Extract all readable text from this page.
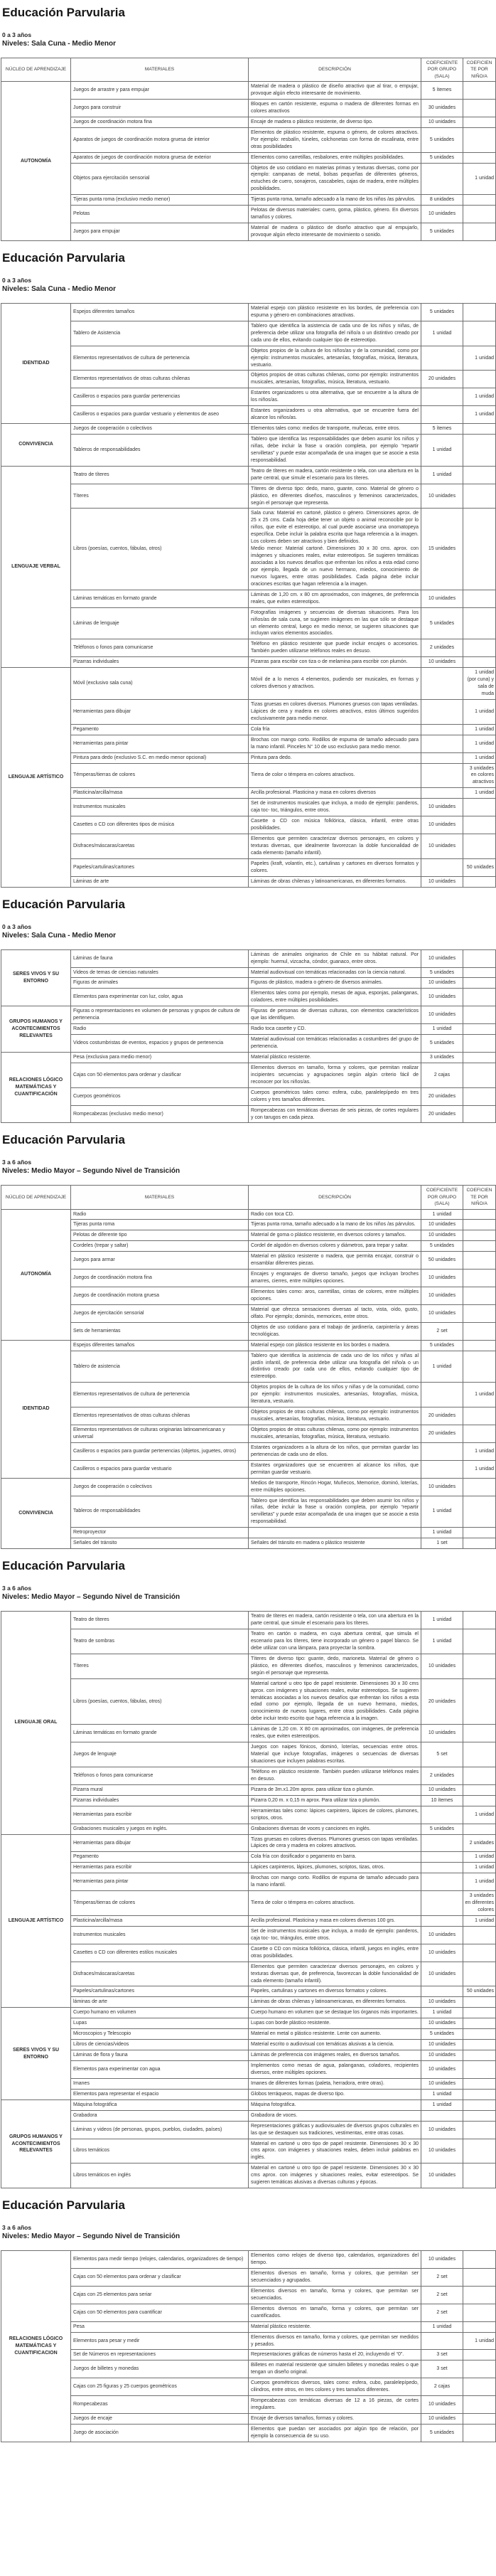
Educación Parvularia
0 a 3 años
Niveles: Sala Cuna - Medio Menor
NÚCLEO DE APRENDIZAJE	MATERIALES	DESCRIPCIÓN	COEFICIENTE POR GRUPO (SALA)	COEFICIENTE POR NIÑO/A
AUTONOMÍA	Juegos de arrastre y para empujar	Material de madera o plástico de diseño atractivo que al tirar, o empujar, provoque algún efecto interesante de movimiento.	5 ítemes	
	Juegos para construir	Bloques en cartón resistente, espuma o madera de diferentes formas en colores atractivos	30 unidades	
	Juegos de coordinación motora fina	Encaje de madera o plástico resistente, de diverso tipo.	10 unidades	
	Aparatos de juegos de coordinación motora gruesa de interior	Elementos de plástico resistente, espuma o género, de colores atractivos. Por ejemplo: resbalín, túneles, colchonetas con forma de escalinata, entre otras posibilidades	5 unidades	
	Aparatos de juegos de coordinación motora gruesa de exterior	Elementos como carretillas, resbalones, entre múltiples posibilidades.	5 unidades	
	Objetos para ejercitación sensorial	Objetos de uso cotidiano en materias primas y texturas diversas, como por ejemplo: campanas de metal, bolsas pequeñas de diferentes géneros, estuches de cuero, sonajeros, cascabeles, cajas de madera, entre múltiples posibilidades.		1 unidad
	Tijeras punta roma (exclusivo medio menor)	Tijeras punta roma, tamaño adecuado a la mano de los niños /as párvulos.	8 unidades	
	Pelotas	Pelotas de diversos materiales: cuero, goma, plástico, género. En diversos tamaños y colores.	10 unidades	
	Juegos para empujar	Material de madera o plástico de diseño atractivo que al empujarlo, provoque algún efecto interesante de movimiento o sonido.	5 unidades	
Educación Parvularia
0 a 3 años
Niveles: Sala Cuna - Medio Menor
IDENTIDAD	Espejos diferentes tamaños	Material espejo con plástico resistente en los bordes, de preferencia con espuma y género en combinaciones atractivas.	5 unidades	
	Tablero de Asistencia	Tablero que identifica la asistencia de cada uno de los niños y niñas, de preferencia debe utilizar una fotografía del niño/a o un distintivo creado por cada uno de ellos, evitando cualquier tipo de estereotipo.	1 unidad	
	Elementos representativos de cultura de pertenencia	Objetos propios de la cultura de los niños/as y de la comunidad, como por ejemplo: instrumentos musicales, artesanías, fotografías, música, literatura, vestuario.		1 unidad
	Elementos representativos de otras culturas chilenas	Objetos propios de otras culturas chilenas, como por ejemplo: instrumentos musicales, artesanías, fotografías, música, literatura, vestuario.	20 unidades	
	Casilleros o espacios para guardar pertenencias	Estantes organizadores u otra alternativa, que se encuentre a la altura de los niños/as.		1 unidad
	Casilleros o espacios para guardar vestuario y elementos de aseo	Estantes organizadores u otra alternativa, que se encuentre fuera del alcance los niños/as.		1 unidad
CONVIVENCIA	Juegos de cooperación o colectivos	Elementos tales como: medios de transporte, muñecas, entre otros.	5 ítemes	
	Tableros de responsabilidades	Tablero que identifica las responsabilidades que deben asumir los niños y niñas, debe incluir la frase u oración completa, por ejemplo “repartir servilletas” y puede estar acompañada de una imagen que se asocie a esta responsabilidad.	1 unidad	
LENGUAJE VERBAL	Teatro de títeres	Teatro de títeres en madera, cartón resistente o tela, con una abertura en la parte central, que simule el escenario para los títeres.	1 unidad	
	Títeres	Títeres de diverso tipo: dedo, mano, guante, cono. Material de género o plástico, en diferentes diseños, masculinos y femeninos caracterizados, según el personaje que representa.	10 unidades	
	Libros (poesías, cuentos, fábulas, otros)	Sala cuna: Material en cartoné, plástico o género. Dimensiones aprox. de 25 x 25 cms. Cada hoja debe tener un objeto o animal reconocible por lo niños, que evite el estereotipo, al cual puede asociarse una onomatopeya específica. Debe incluir la palabra escrita que haga referencia a la imagen. Los colores deben ser atractivos y bien definidos.
Medio menor: Material cartoné. Dimensiones 30 x 30 cms. aprox. con imágenes y situaciones reales, evitar estereotipos. Se sugieren temáticas asociadas a los nuevos desafíos que enfrentan los niños a esta edad como por ejemplo, llegada de un nuevo hermano, miedos, conocimiento de nuevos lugares, entre otras posibilidades. Cada página debe incluir oraciones escritas que hagan referencia a la imagen.	15 unidades	
	Láminas temáticas en formato grande	Láminas de 1,20 cm. x 80 cm aproximados, con imágenes, de preferencia reales, que eviten estereotipos.	10 unidades	
	Láminas de lenguaje	Fotografías imágenes y secuencias de diversas situaciones. Para los niños/as de sala cuna, se sugieren imágenes en las que sólo se destaque un elemento central, luego en medio menor, se sugieren situaciones que incluyan varios elementos asociados.	5 unidades	
	Teléfonos o fonos para comunicarse	Teléfono en plástico resistente que puede incluir encajes o accesorios. También pueden utilizarse teléfonos reales en desuso.	2 unidades	
	Pizarras individuales	Pizarras para escribir con tiza o de melamina para escribir con plumón.	10 unidades	
LENGUAJE ARTÍSTICO	Móvil (exclusivo sala cuna)	Móvil de a lo menos 4 elementos, pudiendo ser musicales, en formas y colores diversos y atractivos.		1 unidad (por cuna) y sala de muda
	Herramientas para dibujar	Tizas gruesas en colores diversos. Plumones gruesos con tapas ventiladas. Lápices de cera y madera en colores atractivos, estos últimos sugeridos exclusivamente para medio menor.		1 unidad
	Pegamento	Cola fría		1 unidad
	Herramientas para pintar	Brochas con mango corto. Rodillos de espuma de tamaño adecuado para la mano infantil. Pinceles N° 10 de uso exclusivo para medio menor.		1 unidad
	Pintura para dedo (exclusivo S.C. en medio menor opcional)	Pintura para dedo.		1 unidad
	Témperas/tierras de colores	Tierra de color o témpera en colores atractivos.		3 unidades en colores atractivos
	Plasticina/arcilla/masa	Arcilla profesional. Plasticina y masa en colores diversos		1 unidad
	Instrumentos musicales	Set de instrumentos musicales que incluya, a modo de ejemplo: panderos, caja toc- toc, triángulos, entre otros.	10 unidades	
	Casettes o CD con diferentes tipos de música	Casette o CD con música folklórica, clásica, infantil, entre otras posibilidades.	10 unidades	
	Disfraces/máscaras/caretas	Elementos que permiten caracterizar diversos personajes, en colores y texturas diversas, que idealmente favorezcan la doble funcionalidad de cada elemento (tamaño infantil).	10 unidades	
	Papeles/cartulinas/cartones	Papeles (kraft, volantín, etc.), cartulinas y cartones en diversos formatos y colores.		50 unidades
	Láminas de arte	Láminas de obras chilenas y latinoamericanas, en diferentes formatos.	10 unidades	
Educación Parvularia
0 a 3 años
Niveles: Sala Cuna - Medio Menor
SERES VIVOS Y SU ENTORNO	Láminas de fauna	Láminas de animales originarios de Chile en su hábitat natural. Por ejemplo: huemul, vizcacha, cóndor, guanaco, entre otros.	10 unidades	
	Videos de temas de ciencias naturales	Material audiovisual con temáticas relacionadas con la ciencia natural.	5 unidades	
	Figuras de animales	Figuras de plástico, madera o género de diversos animales.	10 unidades	
	Elementos para experimentar con luz, color, agua	Elementos tales como por ejemplo, mesas de agua, esponjas, palanganas, coladores, entre múltiples posibilidades.	10 unidades	
GRUPOS HUMANOS Y ACONTECIMIENTOS RELEVANTES	Figuras o representaciones en volumen de personas y grupos de cultura de pertenencia	Figuras de personas de diversas culturas, con elementos característicos que las identifiquen.	10 unidades	
	Radio	Radio toca casette y CD.	1 unidad	
	Videos costumbristas de eventos, espacios y grupos de pertenencia	Material audiovisual con temáticas relacionadas a costumbres del grupo de pertenencia.	5 unidades	
RELACIONES LÓGICO MATEMÁTICAS Y CUANTIFICACIÓN	Pesa (exclusiva para medio menor)	Material plástico resistente.	3 unidades	
	Cajas con 50 elementos para ordenar y clasificar	Elementos diversos en tamaño, forma y colores, que permitan realizar incipientes secuencias y agrupaciones según algún criterio fácil de reconocer por los niños/as.	2 cajas	
	Cuerpos geométricos	Cuerpos geométricos tales como: esfera, cubo, paralelepípedo en tres colores y tres tamaños diferentes.	20 unidades	
	Rompecabezas (exclusivo medio menor)	Rompecabezas con temáticas diversas de seis piezas, de cortes regulares y con tarugos en cada pieza.	20 unidades	
Educación Parvularia
3 a 6 años
Niveles: Medio Mayor – Segundo Nivel de Transición
NÚCLEO DE APRENDIZAJE	MATERIALES	DESCRIPCIÓN	COEFICIENTE POR GRUPO (SALA)	COEFICIENTE POR NIÑO/A
AUTONOMÍA	Radio	Radio con toca CD.	1 unidad	
	Tijeras punta roma	Tijeras punta roma, tamaño adecuado a la mano de los niños /as párvulos.	10 unidades	
	Pelotas de diferente tipo	Material de goma o plástico resistente, en diversos colores y tamaños.	10 unidades	
	Cordeles (trepar y saltar)	Cordel de algodón en diversos colores y diámetros, para trepar y saltar.	5 unidades	
	Juegos para armar	Material en plástico resistente o madera, que permita encajar, construir o ensamblar diferentes piezas.	50 unidades	
	Juegos de coordinación motora fina	Encajes y engranajes de diverso tamaño, juegos que incluyan broches amarres, cierres, entre múltiples opciones.	10 unidades	
	Juegos de coordinación motora gruesa	Elementos tales como: aros, carretillas, cintas de colores, entre múltiples opciones.	10 unidades	
	Juegos de ejercitación sensorial	Material que ofrezca sensaciones diversas al tacto, vista, oído, gusto, olfato. Por ejemplo; dominós, memorices, entre otros.	10 unidades	
	Sets de herramientas	Objetos de uso cotidiano para el trabajo de jardinería, carpintería y áreas tecnológicas.	2 set	
IDENTIDAD	Espejos diferentes tamaños	Material espejo con plástico resistente en los bordes o madera.	5 unidades	
	Tablero de asistencia	Tablero que identifica la asistencia de cada uno de los niños y niñas al jardín infantil, de preferencia debe utilizar una fotografía del niño/a o un distintivo creado por cada uno de ellos, evitando cualquier tipo de estereotipo.	1 unidad	
	Elementos representativos de cultura de pertenencia	Objetos propios de la cultura de los niños y niñas y de la comunidad, como por ejemplo: instrumentos musicales, artesanías, fotografías, música, literatura, vestuario.		1 unidad
	Elementos representativos de otras culturas chilenas	Objetos propios de otras culturas chilenas, como por ejemplo: instrumentos musicales, artesanías, fotografías, música, literatura, vestuario.	20 unidades	
	Elementos representativos de culturas originarias latinoamericanas y universal	Objetos propios de otras culturas chilenas, como por ejemplo: instrumentos musicales, artesanías, fotografías, música, literatura, vestuario.	20 unidades	
	Casilleros o espacios para guardar pertenencias (objetos, juguetes, otros)	Estantes organizadores a la altura de los niños, que permitan guardar las pertenencias de cada uno de ellos.		1 unidad
	Casilleros o espacios para guardar vestuario	Estantes organizadores que se encuentren al alcance los niños, que permitan guardar vestuario.		1 unidad
CONVIVENCIA	Juegos de cooperación o colectivos	Medios de transporte, Rincón Hogar, Muñecos, Memorice, dominó, loterías, entre múltiples opciones.	10 unidades	
	Tableros de responsabilidades	Tablero que identifica las responsabilidades que deben asumir los niños y niñas, debe incluir la frase u oración completa, por ejemplo “repartir servilletas” y puede estar acompañada de una imagen que se asocie a esta responsabilidad.	1 unidad	
	Retroproyector		1 unidad	
	Señales del tránsito	Señales del tránsito en madera o plástico resistente	1 set	
Educación Parvularia
3 a 6 años
Niveles: Medio Mayor – Segundo Nivel de Transición
LENGUAJE ORAL	Teatro de títeres	Teatro de títeres en madera, cartón resistente o tela, con una abertura en la parte central, que simule el escenario para los títeres.	1 unidad	
	Teatro de sombras	Teatro en cartón o madera, en cuya abertura central, que simula el escenario para los títeres, tiene incorporado un género o papel blanco. Se debe utilizar con una lámpara, para proyectar la sombra.	1 unidad	
	Títeres	Títeres de diverso tipo: guante, dedo, marioneta. Material de género o plástico, en diferentes diseños, masculinos y femeninos caracterizados, según el personaje que representa.	10 unidades	
	Libros (poesías, cuentos, fábulas, otros)	Material cartoné u otro tipo de papel resistente. Dimensiones 30 x 30 cms aprox. con imágenes y situaciones reales, evitar estereotipos. Se sugieren temáticas asociadas a los nuevos desafíos que enfrentan los niños a esta edad como por ejemplo, llegada de un nuevo hermano, miedos, conocimiento de nuevos lugares, entre otras posibilidades. Cada página debe incluir texto escrito que haga referencia a la imagen.	20 unidades	
	Láminas temáticas en formato grande	Láminas de 1,20 cm. X 80 cm aproximados, con imágenes, de preferencia reales, que eviten estereotipos.	10 unidades	
	Juegos de lenguaje	Juegos con naipes fónicos, dominó, loterías, secuencias entre otros. Material que incluye fotografías, imágenes o secuencias de diversas situaciones que incluyen palabras escritas.	5 set	
	Teléfonos o fonos para comunicarse	Teléfono en plástico resistente. También pueden utilizarse teléfonos reales en desuso.	2 unidades	
	Pizarra mural	Pizarra de 3m.x1.20m aprox. para utilizar tiza o plumón.	10 unidades	
	Pizarras individuales	Pizarra 0,20 m. x 0,15 m aprox. Para utilizar tiza o plumón.	10 ítemes	
	Herramientas para escribir	Herramientas tales como: lápices carpintero, lápices de colores, plumones, scriptos, otros.		1 unidad
	Grabaciones musicales y juegos en inglés.	Grabaciones diversas de voces y canciones en inglés.	5 unidades	
LENGUAJE ARTÍSTICO	Herramientas para dibujar	Tizas gruesas en colores diversos. Plumones gruesos con tapas ventiladas. Lápices de cera y madera en colores atractivos.		2 unidades
	Pegamento	Cola fría con dosificador o pegamento en barra.		1 unidad
	Herramientas para escribir	Lápices carpinteros, lápices, plumones, scriptos, tizas, otros.		1 unidad
	Herramientas para pintar	Brochas con mango corto. Rodillos de espuma de tamaño adecuado para la mano infantil.		1 unidad
	Témperas/tierras de colores	Tierra de color o témpera en colores atractivos.		3 unidades en diferentes colores
	Plasticina/arcilla/masa	Arcilla profesional. Plasticina y masa en colores diversos 100 grs.		1 unidad
	Instrumentos musicales	Set de instrumentos musicales que incluya, a modo de ejemplo: panderos, caja toc- toc, triángulos, entre otros.	10 unidades	
	Casettes o CD con diferentes estilos musicales	Casette o CD con música folklórica, clásica, infantil, juegos en inglés, entre otras posibilidades.	10 unidades	
	Disfraces/máscaras/caretas	Elementos que permiten caracterizar diversos personajes, en colores y texturas diversas que, de preferencia, favorezcan la doble funcionalidad de cada elemento (tamaño infantil).	10 unidades	
	Papeles/cartulinas/cartones	Papeles, cartulinas y cartones en diversos formatos y colores.		50 unidades
	láminas de arte	Láminas de obras chilenas y latinoamericanas, en diferentes formatos.	10 unidades	
SERES VIVOS Y SU ENTORNO	Cuerpo humano en volumen	Cuerpo humano en volumen que se destaque los órganos más importantes.	1 unidad	
	Lupas	Lupas con borde plástico resistente.	10 unidades	
	Microscopios y Telescopio	Material en metal o plástico resistente. Lente con aumento.	5 unidades	
	Libros de ciencias/videos	Material escrito o audiovisual con temáticas alusivas a la ciencia.	10 unidades	
	Láminas de flora y fauna	Láminas de preferencia con imágenes reales, en diversos tamaños.	10 unidades	
	Elementos para experimentar con agua	Implementos como mesas de agua, palanganas, coladores, recipientes diversos, entre múltiples opciones.	10 unidades	
	Imanes	Imanes de diferentes formas (paleta, herradora, entre otras).	10 unidades	
	Elementos para representar el espacio	Globos terráqueos, mapas de diverso tipo.	1 unidad	
GRUPOS HUMANOS Y ACONTECIMIENTOS RELEVANTES	Máquina fotográfica	Máquina fotográfica.	1 unidad	
	Grabadora	Grabadora de voces.		
	Láminas y videos (de personas, grupos, pueblos, ciudades, países)	Representaciones gráficas y audiovisuales de diversos grupos culturales en las que se destaquen sus tradiciones, vestimentas, entre otras cosas.	10 unidades	
	Libros temáticos	Material en cartoné u otro tipo de papel resistente. Dimensiones 30 x 30 cms aprox. con imágenes y situaciones reales, deben incluir palabras en inglés.	10 unidades	
	Libros temáticos en inglés	Material en cartoné u otro tipo de papel resistente. Dimensiones 30 x 30 cms aprox. con imágenes y situaciones reales, evitar estereotipos. Se sugieren temáticas alusivas a diversas culturas y épocas.	10 unidades	
Educación Parvularia
3 a 6 años
Niveles: Medio Mayor – Segundo Nivel de Transición
RELACIONES LÓGICO MATEMÁTICAS Y CUANTIFICACION	Elementos para medir tiempo (relojes, calendarios, organizadores de tiempo)	Elementos como relojes de diverso tipo, calendarios, organizadores del tiempo.	10 unidades	
	Cajas con 50 elementos para ordenar y clasificar	Elementos diversos en tamaño, forma y colores, que permitan ser secuenciados y agrupados.	2 set	
	Cajas con 25 elementos para seriar	Elementos diversos en tamaño, forma y colores, que permitan ser secuenciados.	2 set	
	Cajas con 50 elementos para cuantificar	Elementos diversos en tamaño, forma y colores, que permitan ser cuantificados.	2 set	
	Pesa	Material plástico resistente.	1 unidad	
	Elementos para pesar y medir	Elementos diversos en tamaño, forma y colores, que permitan ser medidos y pesados.		1 unidad
	Set de Números en representaciones	Representaciones gráficas de números hasta el 20, incluyendo el “0”.	3 set	
	Juegos de billetes y monedas	Billetes en material resistente que simulen billetes y monedas reales o que tengan un diseño original.	3 set	
	Cajas con 25 figuras y 25 cuerpos geométricos	Cuerpos geométricos diversos, tales como: esfera, cubo, paralelepípedo, cilindros, entre otros, en tres colores y tres tamaños diferentes.	2 cajas	
	Rompecabezas	Rompecabezas con temáticas diversas de 12 a 16 piezas, de cortes irregulares.	10 unidades	
	Juegos de encaje	Encaje de diversos tamaños, formas y colores.	10 unidades	
	Juego de asociación	Elementos que puedan ser asociados por algún tipo de relación, por ejemplo la consecuencia de su uso.	5 unidades	
